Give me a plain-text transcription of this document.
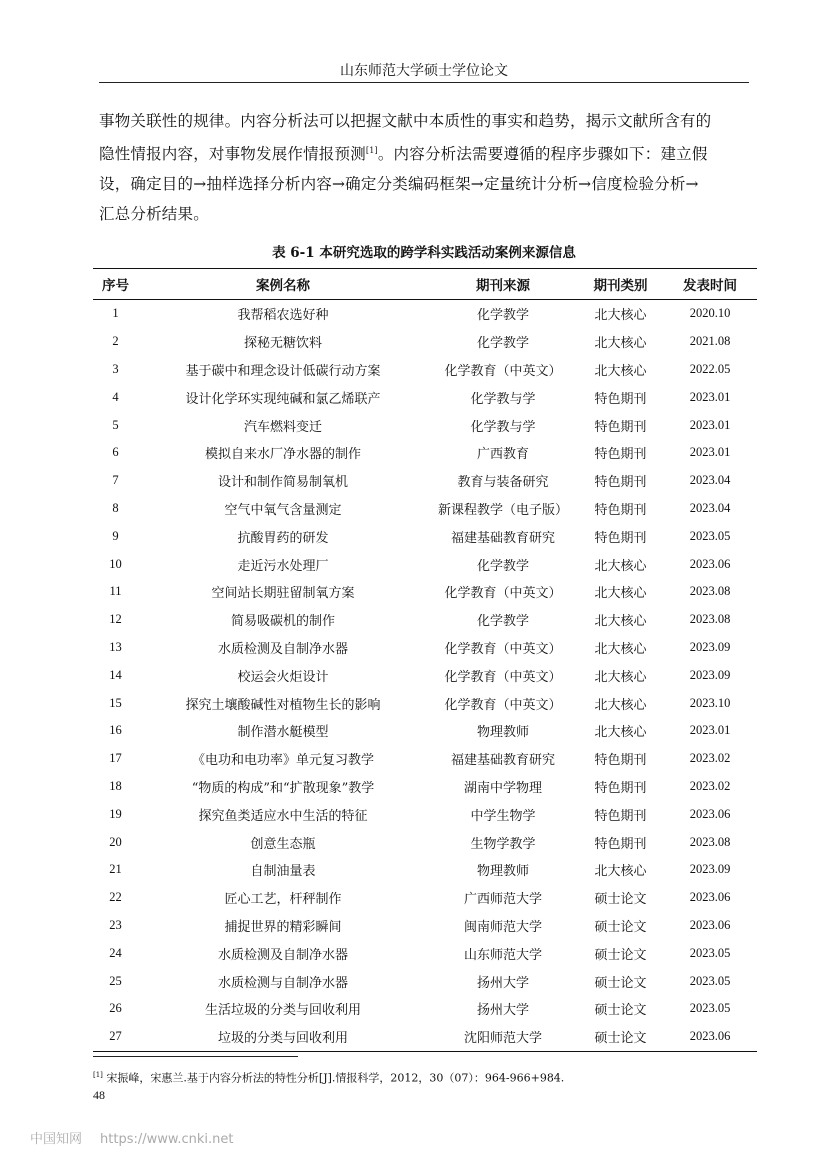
山东师范大学硕士学位论文
事物关联性的规律。内容分析法可以把握文献中本质性的事实和趋势，揭示文献所含有的
隐性情报内容，对事物发展作情报预测[1]。内容分析法需要遵循的程序步骤如下：建立假
设，确定目的→抽样选择分析内容→确定分类编码框架→定量统计分析→信度检验分析→
汇总分析结果。
表 6-1 本研究选取的跨学科实践活动案例来源信息
序号	案例名称	期刊来源	期刊类别	发表时间
1	我帮稻农选好种	化学教学	北大核心	2020.10
2	探秘无糖饮料	化学教学	北大核心	2021.08
3	基于碳中和理念设计低碳行动方案	化学教育（中英文）	北大核心	2022.05
4	设计化学环实现纯碱和氯乙烯联产	化学教与学	特色期刊	2023.01
5	汽车燃料变迁	化学教与学	特色期刊	2023.01
6	模拟自来水厂净水器的制作	广西教育	特色期刊	2023.01
7	设计和制作简易制氧机	教育与装备研究	特色期刊	2023.04
8	空气中氧气含量测定	新课程教学（电子版）	特色期刊	2023.04
9	抗酸胃药的研发	福建基础教育研究	特色期刊	2023.05
10	走近污水处理厂	化学教学	北大核心	2023.06
11	空间站长期驻留制氧方案	化学教育（中英文）	北大核心	2023.08
12	简易吸碳机的制作	化学教学	北大核心	2023.08
13	水质检测及自制净水器	化学教育（中英文）	北大核心	2023.09
14	校运会火炬设计	化学教育（中英文）	北大核心	2023.09
15	探究土壤酸碱性对植物生长的影响	化学教育（中英文）	北大核心	2023.10
16	制作潜水艇模型	物理教师	北大核心	2023.01
17	《电功和电功率》单元复习教学	福建基础教育研究	特色期刊	2023.02
18	“物质的构成”和“扩散现象”教学	湖南中学物理	特色期刊	2023.02
19	探究鱼类适应水中生活的特征	中学生物学	特色期刊	2023.06
20	创意生态瓶	生物学教学	特色期刊	2023.08
21	自制油量表	物理教师	北大核心	2023.09
22	匠心工艺，杆秤制作	广西师范大学	硕士论文	2023.06
23	捕捉世界的精彩瞬间	闽南师范大学	硕士论文	2023.06
24	水质检测及自制净水器	山东师范大学	硕士论文	2023.05
25	水质检测与自制净水器	扬州大学	硕士论文	2023.05
26	生活垃圾的分类与回收利用	扬州大学	硕士论文	2023.05
27	垃圾的分类与回收利用	沈阳师范大学	硕士论文	2023.06
[1] 宋振峰，宋惠兰.基于内容分析法的特性分析[J].情报科学，2012，30（07）：964-966+984.
48
中国知网 https://www.cnki.net
